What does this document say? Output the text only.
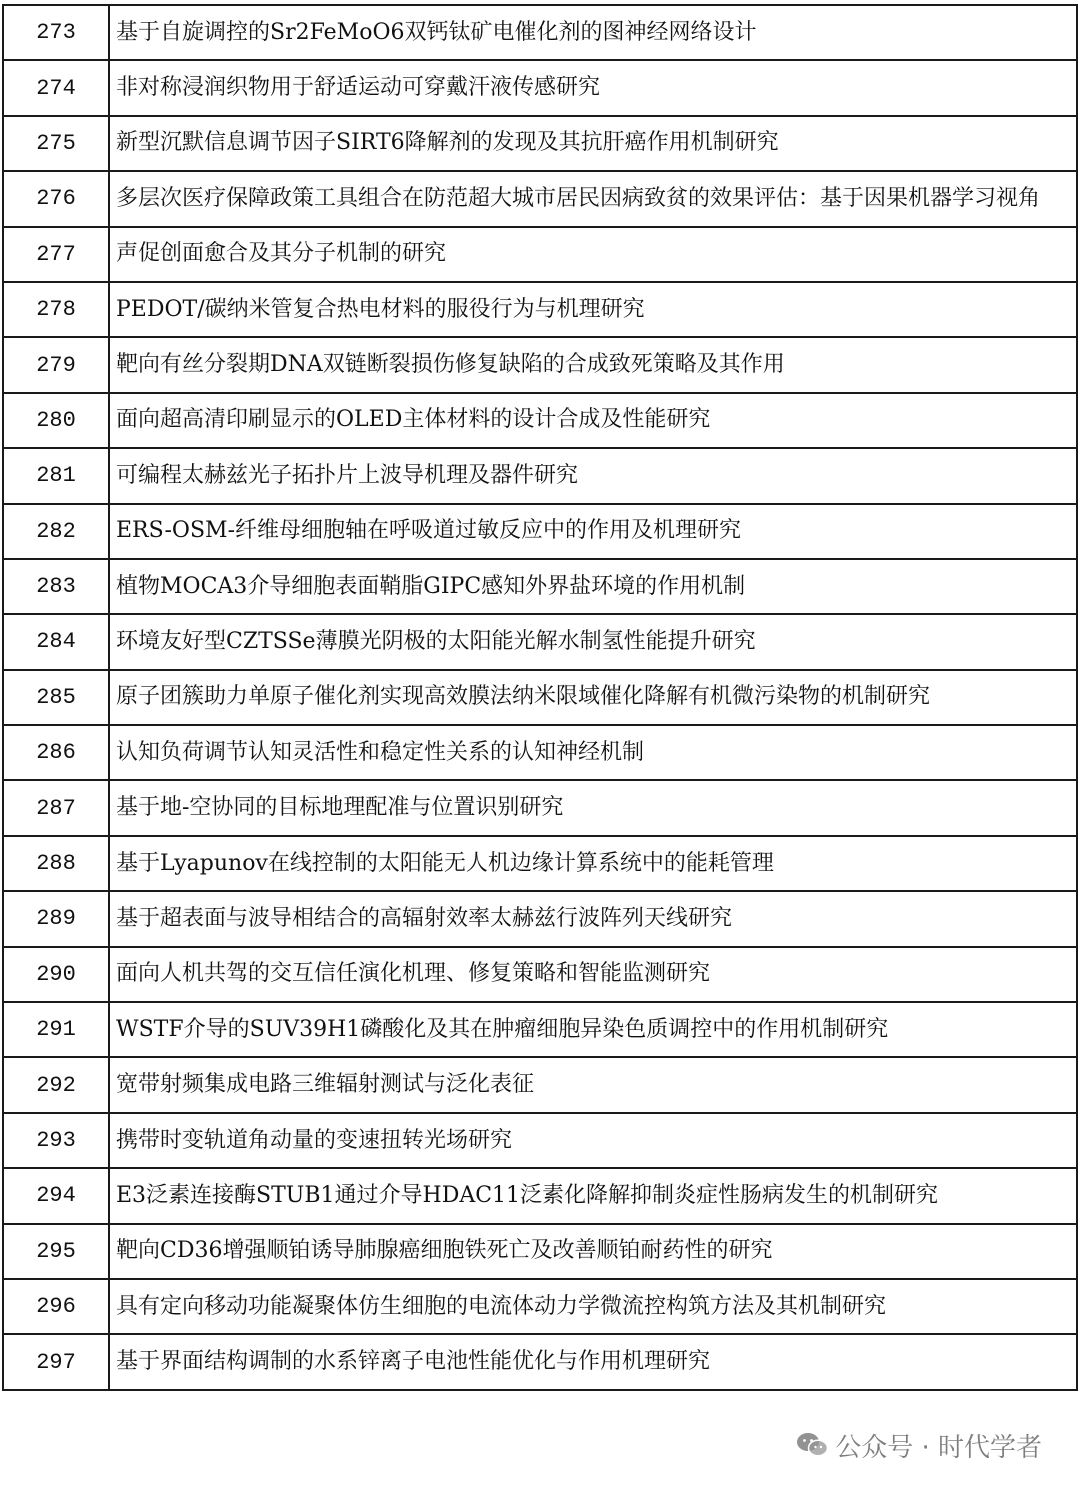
273	基于自旋调控的Sr2FeMoO6双钙钛矿电催化剂的图神经网络设计
274	非对称浸润织物用于舒适运动可穿戴汗液传感研究
275	新型沉默信息调节因子SIRT6降解剂的发现及其抗肝癌作用机制研究
276	多层次医疗保障政策工具组合在防范超大城市居民因病致贫的效果评估：基于因果机器学习视角
277	声促创面愈合及其分子机制的研究
278	PEDOT/碳纳米管复合热电材料的服役行为与机理研究
279	靶向有丝分裂期DNA双链断裂损伤修复缺陷的合成致死策略及其作用
280	面向超高清印刷显示的OLED主体材料的设计合成及性能研究
281	可编程太赫兹光子拓扑片上波导机理及器件研究
282	ERS-OSM-纤维母细胞轴在呼吸道过敏反应中的作用及机理研究
283	植物MOCA3介导细胞表面鞘脂GIPC感知外界盐环境的作用机制
284	环境友好型CZTSSe薄膜光阴极的太阳能光解水制氢性能提升研究
285	原子团簇助力单原子催化剂实现高效膜法纳米限域催化降解有机微污染物的机制研究
286	认知负荷调节认知灵活性和稳定性关系的认知神经机制
287	基于地-空协同的目标地理配准与位置识别研究
288	基于Lyapunov在线控制的太阳能无人机边缘计算系统中的能耗管理
289	基于超表面与波导相结合的高辐射效率太赫兹行波阵列天线研究
290	面向人机共驾的交互信任演化机理、修复策略和智能监测研究
291	WSTF介导的SUV39H1磷酸化及其在肿瘤细胞异染色质调控中的作用机制研究
292	宽带射频集成电路三维辐射测试与泛化表征
293	携带时变轨道角动量的变速扭转光场研究
294	E3泛素连接酶STUB1通过介导HDAC11泛素化降解抑制炎症性肠病发生的机制研究
295	靶向CD36增强顺铂诱导肺腺癌细胞铁死亡及改善顺铂耐药性的研究
296	具有定向移动功能凝聚体仿生细胞的电流体动力学微流控构筑方法及其机制研究
297	基于界面结构调制的水系锌离子电池性能优化与作用机理研究
公众号 · 时代学者
